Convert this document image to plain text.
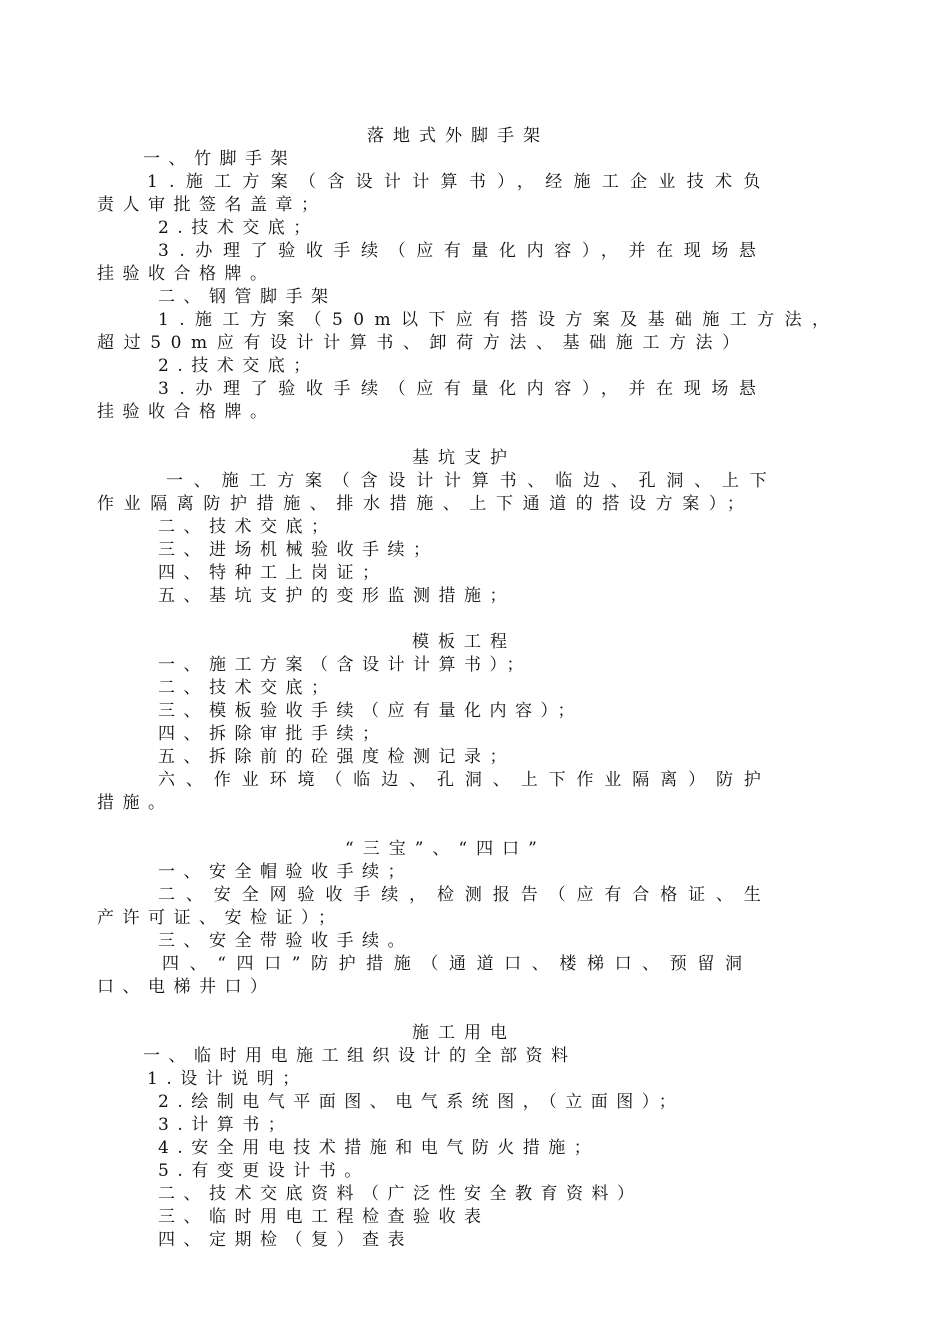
落地式外脚手架
一、竹脚手架
1.施工方案（含设计计算书），经施工企业技术负
责人审批签名盖章；
2.技术交底；
3.办理了验收手续（应有量化内容），并在现场悬
挂验收合格牌。
二、钢管脚手架
1.施工方案（50m以下应有搭设方案及基础施工方法，
超过50m应有设计计算书、卸荷方法、基础施工方法）
2.技术交底；
3.办理了验收手续（应有量化内容），并在现场悬
挂验收合格牌。
基坑支护
一、施工方案（含设计计算书、临边、孔洞、上下
作业隔离防护措施、排水措施、上下通道的搭设方案）；
二、技术交底；
三、进场机械验收手续；
四、特种工上岗证；
五、基坑支护的变形监测措施；
模板工程
一、施工方案（含设计计算书）；
二、技术交底；
三、模板验收手续（应有量化内容）；
四、拆除审批手续；
五、拆除前的砼强度检测记录；
六、作业环境（临边、孔洞、上下作业隔离）防护
措施。
“三宝”、“四口”
一、安全帽验收手续；
二、安全网验收手续，检测报告（应有合格证、生
产许可证、安检证）；
三、安全带验收手续。
四、“四口”防护措施（通道口、楼梯口、预留洞
口、电梯井口）
施工用电
一、临时用电施工组织设计的全部资料
1.设计说明；
2.绘制电气平面图、电气系统图，（立面图）；
3.计算书；
4.安全用电技术措施和电气防火措施；
5.有变更设计书。
二、技术交底资料（广泛性安全教育资料）
三、临时用电工程检查验收表
四、定期检（复）查表
